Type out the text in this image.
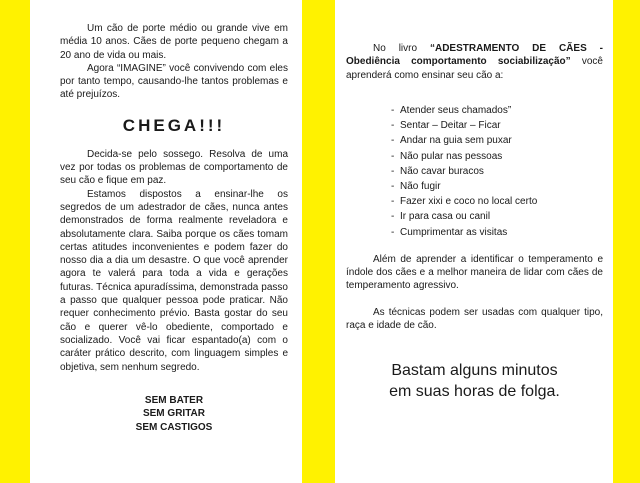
Um cão de porte médio ou grande vive em média 10 anos. Cães de porte pequeno chegam a 20 ano de vida ou mais.

Agora “IMAGINE” você convivendo com eles por tanto tempo, causando-lhe tantos problemas e até prejuízos.

CHEGA!!!

Decida-se pelo sossego. Resolva de uma vez por todas os problemas de comportamento de seu cão e fique em paz.

Estamos dispostos a ensinar-lhe os segredos de um adestrador de cães, nunca antes demonstrados de forma realmente reveladora e absolutamente clara. Saiba porque os cães tomam certas atitudes inconvenientes e podem fazer do nosso dia a dia um desastre. O que você aprender agora te valerá para toda a vida e gerações futuras. Técnica apuradíssima, demonstrada passo a passo que qualquer pessoa pode praticar. Não requer conhecimento prévio. Basta gostar do seu cão e querer vê-lo obediente, comportado e socializado. Você vai ficar espantado(a) com o caráter prático descrito, com linguagem simples e objetiva, sem nenhum segredo.

SEM BATER
SEM GRITAR
SEM CASTIGOS

No livro “ADESTRAMENTO DE CÃES - Obediência comportamento sociabilização” você aprenderá como ensinar seu cão a:

- Atender seus chamados”
- Sentar – Deitar – Ficar
- Andar na guia sem puxar
- Não pular nas pessoas
- Não cavar buracos
- Não fugir
- Fazer xixi e coco no local certo
- Ir para casa ou canil
- Cumprimentar as visitas

Além de aprender a identificar o temperamento e índole dos cães e a melhor maneira de lidar com cães de temperamento agressivo.

As técnicas podem ser usadas com qualquer tipo, raça e idade de cão.

Bastam alguns minutos
em suas horas de folga.
